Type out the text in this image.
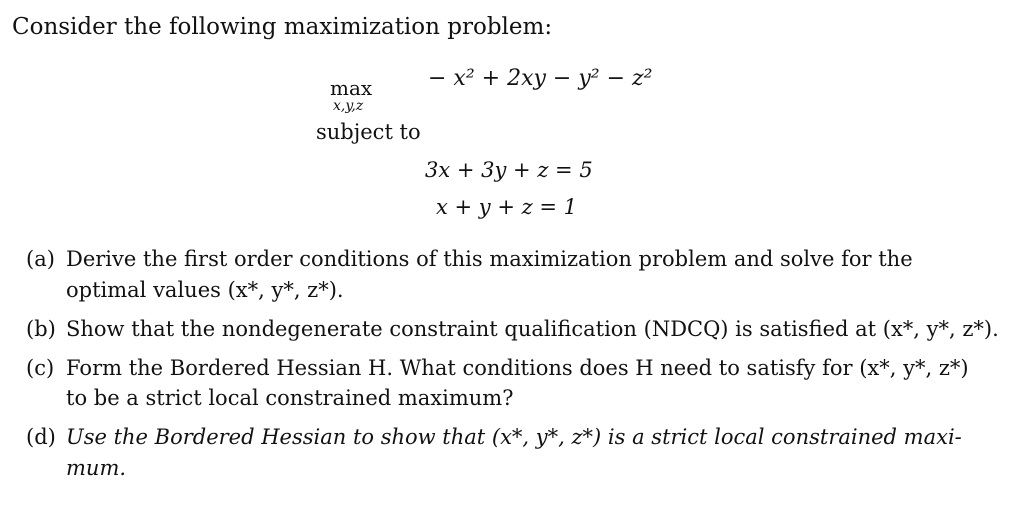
Consider the following maximization problem:
max
x,y,z
− x² + 2xy − y² − z²
subject to
3x + 3y + z = 5
x + y + z = 1
(a) Derive the first order conditions of this maximization problem and solve for the
optimal values (x*, y*, z*).
(b) Show that the nondegenerate constraint qualification (NDCQ) is satisfied at (x*, y*, z*).
(c) Form the Bordered Hessian H. What conditions does H need to satisfy for (x*, y*, z*)
to be a strict local constrained maximum?
(d) Use the Bordered Hessian to show that (x*, y*, z*) is a strict local constrained maxi-
mum.
